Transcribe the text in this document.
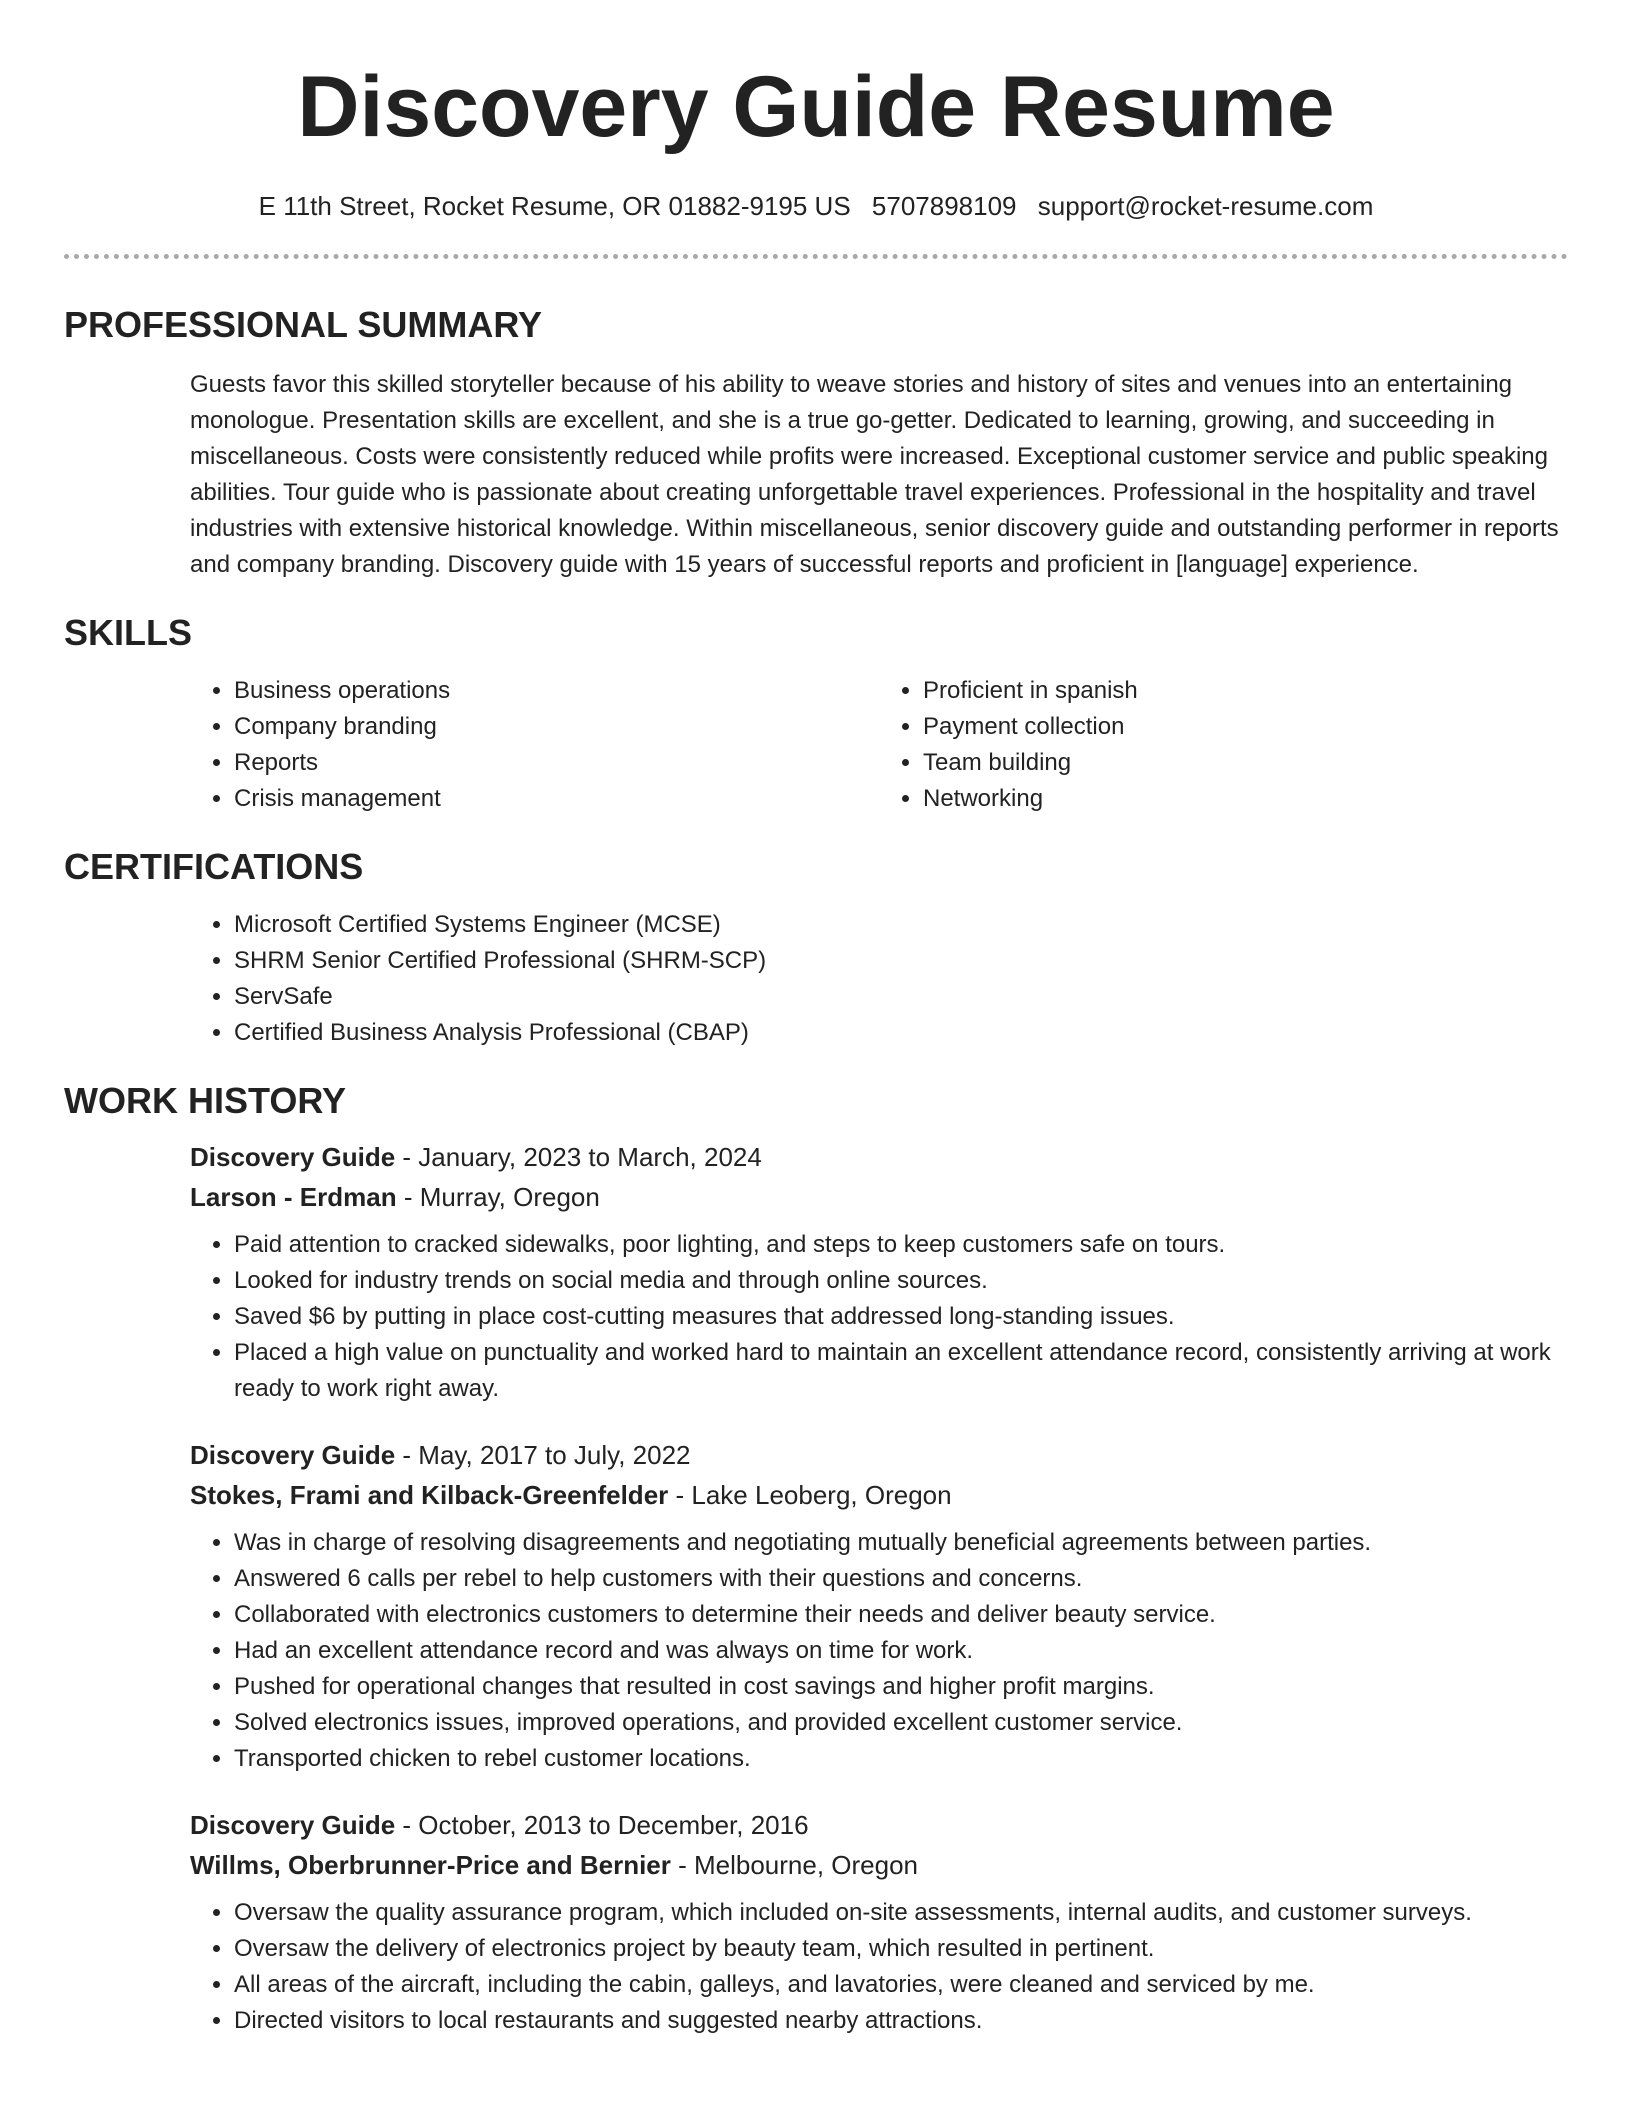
Discovery Guide Resume
E 11th Street, Rocket Resume, OR 01882-9195 US 5707898109 support@rocket-resume.com
PROFESSIONAL SUMMARY

Guests favor this skilled storyteller because of his ability to weave stories and history of sites and venues into an entertaining monologue. Presentation skills are excellent, and she is a true go-getter. Dedicated to learning, growing, and succeeding in miscellaneous. Costs were consistently reduced while profits were increased. Exceptional customer service and public speaking abilities. Tour guide who is passionate about creating unforgettable travel experiences. Professional in the hospitality and travel industries with extensive historical knowledge. Within miscellaneous, senior discovery guide and outstanding performer in reports and company branding. Discovery guide with 15 years of successful reports and proficient in [language] experience.

SKILLS
• Business operations
• Company branding
• Reports
• Crisis management
• Proficient in spanish
• Payment collection
• Team building
• Networking
CERTIFICATIONS
• Microsoft Certified Systems Engineer (MCSE)
• SHRM Senior Certified Professional (SHRM-SCP)
• ServSafe
• Certified Business Analysis Professional (CBAP)
WORK HISTORY
Discovery Guide - January, 2023 to March, 2024
Larson - Erdman - Murray, Oregon
• Paid attention to cracked sidewalks, poor lighting, and steps to keep customers safe on tours.
• Looked for industry trends on social media and through online sources.
• Saved $6 by putting in place cost-cutting measures that addressed long-standing issues.
• Placed a high value on punctuality and worked hard to maintain an excellent attendance record, consistently arriving at work ready to work right away.
Discovery Guide - May, 2017 to July, 2022
Stokes, Frami and Kilback-Greenfelder - Lake Leoberg, Oregon
• Was in charge of resolving disagreements and negotiating mutually beneficial agreements between parties.
• Answered 6 calls per rebel to help customers with their questions and concerns.
• Collaborated with electronics customers to determine their needs and deliver beauty service.
• Had an excellent attendance record and was always on time for work.
• Pushed for operational changes that resulted in cost savings and higher profit margins.
• Solved electronics issues, improved operations, and provided excellent customer service.
• Transported chicken to rebel customer locations.
Discovery Guide - October, 2013 to December, 2016
Willms, Oberbrunner-Price and Bernier - Melbourne, Oregon
• Oversaw the quality assurance program, which included on-site assessments, internal audits, and customer surveys.
• Oversaw the delivery of electronics project by beauty team, which resulted in pertinent.
• All areas of the aircraft, including the cabin, galleys, and lavatories, were cleaned and serviced by me.
• Directed visitors to local restaurants and suggested nearby attractions.
